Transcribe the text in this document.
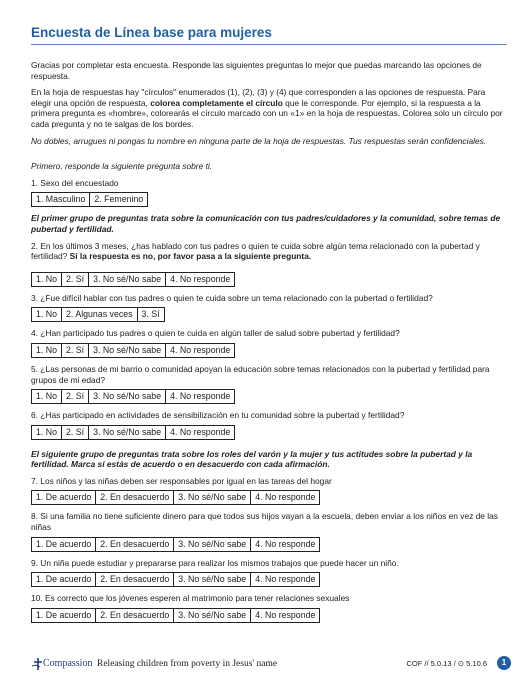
Encuesta de Línea base para mujeres

Gracias por completar esta encuesta. Responde las siguientes preguntas lo mejor que puedas marcando las opciones de respuesta.

En la hoja de respuestas hay "círculos" enumerados (1), (2), (3) y (4) que corresponden a las opciones de respuesta. Para elegir una opción de respuesta, colorea completamente el círculo que le corresponde. Por ejemplo, si la respuesta a la primera pregunta es «hombre», colorearás el círculo marcado con un «1» en la hoja de respuestas. Colorea solo un círculo por cada pregunta y no te salgas de los bordes.

No dobles, arrugues ni pongas tu nombre en ninguna parte de la hoja de respuestas. Tus respuestas serán confidenciales.

Primero, responde la siguiente pregunta sobre ti.

1. Sexo del encuestado

1. Masculino	2. Femenino

El primer grupo de preguntas trata sobre la comunicación con tus padres/cuidadores y la comunidad, sobre temas de pubertad y fertilidad.

2. En los últimos 3 meses, ¿has hablado con tus padres o quien te cuida sobre algún tema relacionado con la pubertad y fertilidad? Si la respuesta es no, por favor pasa a la siguiente pregunta.

1. No	2. Sí	3. No sé/No sabe	4. No responde

3. ¿Fue difícil hablar con tus padres o quien te cuida sobre un tema relacionado con la pubertad o fertilidad?

1. No	2. Algunas veces	3. Sí

4. ¿Han participado tus padres o quien te cuida en algún taller de salud sobre pubertad y fertilidad?

1. No	2. Sí	3. No sé/No sabe	4. No responde

5. ¿Las personas de mi barrio o comunidad apoyan la educación sobre temas relacionados con la pubertad y fertilidad para grupos de mi edad?

1. No	2. Sí	3. No sé/No sabe	4. No responde

6. ¿Has participado en actividades de sensibilización en tu comunidad sobre la pubertad y fertilidad?

1. No	2. Sí	3. No sé/No sabe	4. No responde

El siguiente grupo de preguntas trata sobre los roles del varón y la mujer y tus actitudes sobre la pubertad y la fertilidad. Marca si estás de acuerdo o en desacuerdo con cada afirmación.

7. Los niños y las niñas deben ser responsables por igual en las tareas del hogar

1. De acuerdo	2. En desacuerdo	3. No sé/No sabe	4. No responde

8. Si una familia no tiene suficiente dinero para que todos sus hijos vayan a la escuela, deben enviar a los niños en vez de las niñas

1. De acuerdo	2. En desacuerdo	3. No sé/No sabe	4. No responde

9. Un niña puede estudiar y prepararse para realizar los mismos trabajos que puede hacer un niño.

1. De acuerdo	2. En desacuerdo	3. No sé/No sabe	4. No responde

10. Es correcto que los jóvenes esperen al matrimonio para tener relaciones sexuales

1. De acuerdo	2. En desacuerdo	3. No sé/No sabe	4. No responde
Compassion Releasing children from poverty in Jesus' name	COF // 5.0.13 / ⊙ 5.10.6	1
